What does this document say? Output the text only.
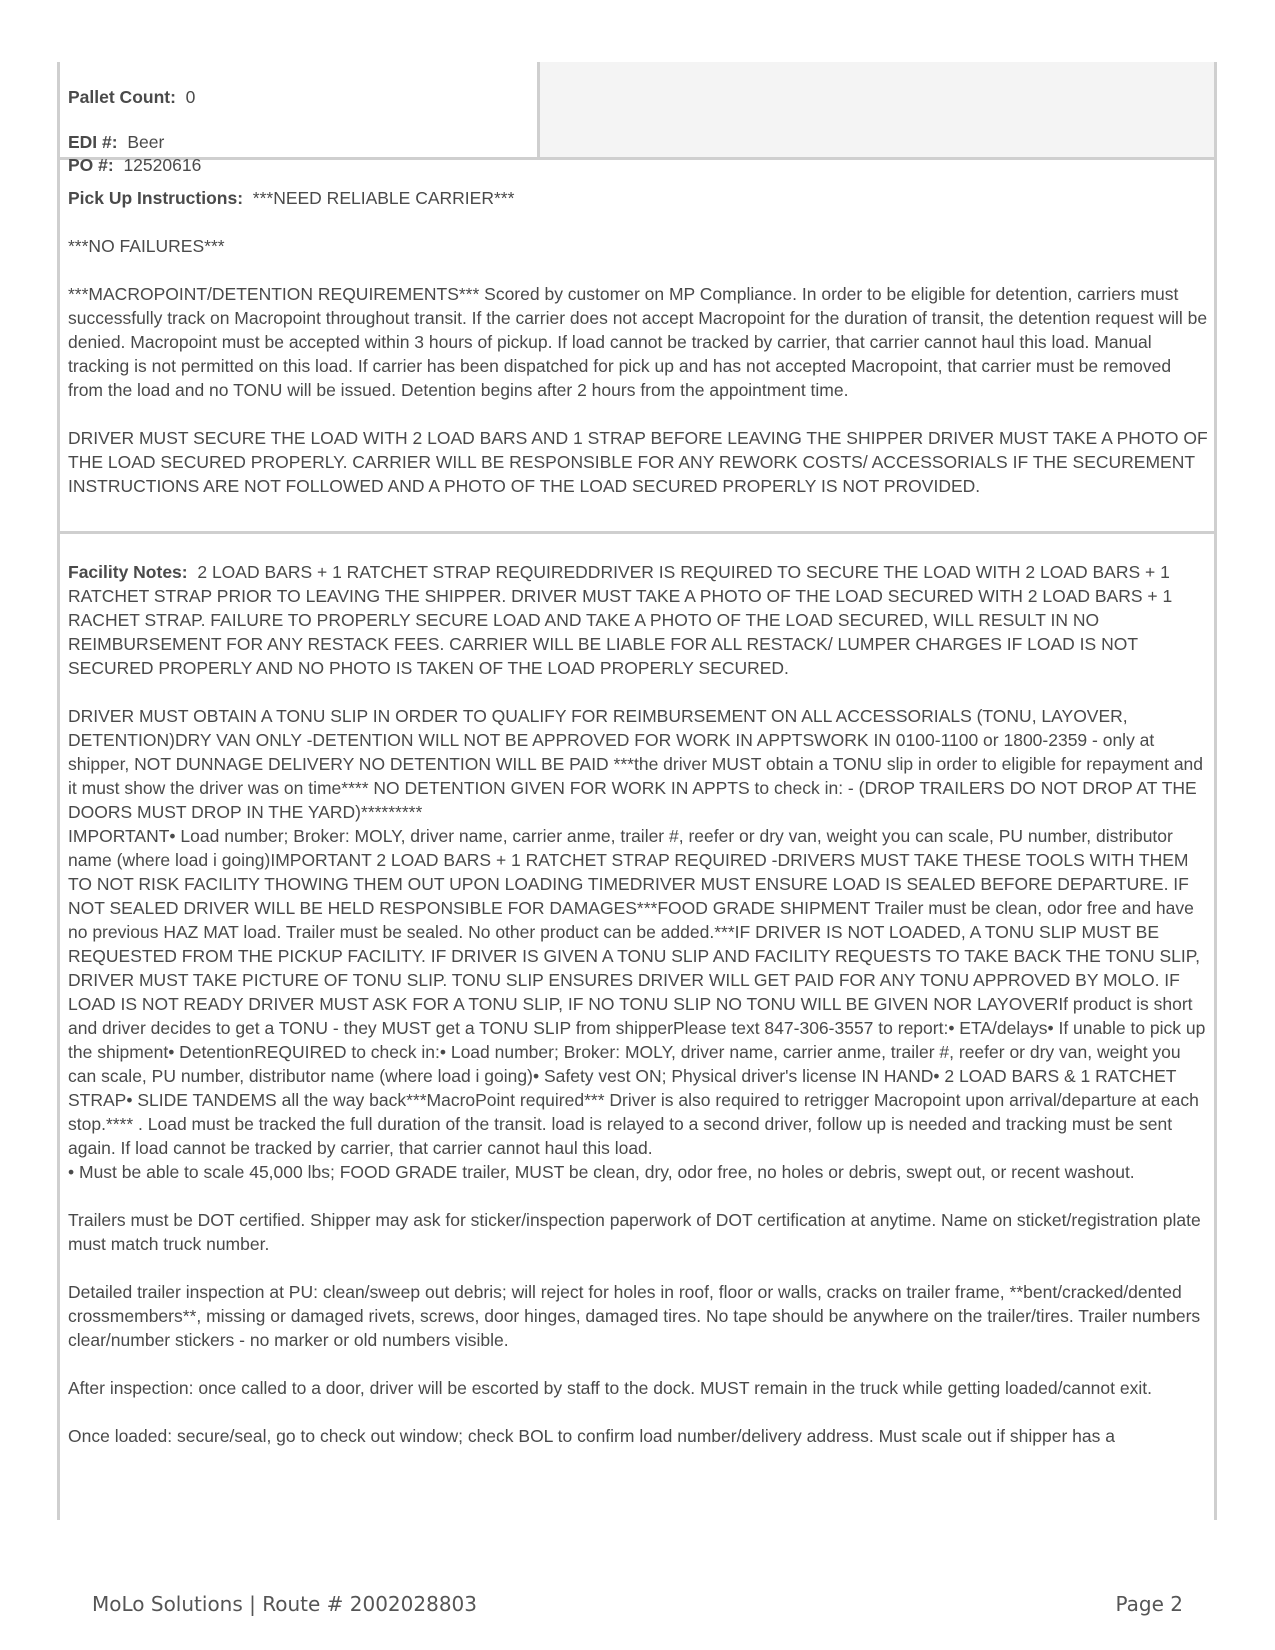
Pallet Count: 0
EDI #: Beer
PO #: 12520616

Pick Up Instructions: ***NEED RELIABLE CARRIER***

***NO FAILURES***

***MACROPOINT/DETENTION REQUIREMENTS*** Scored by customer on MP Compliance. In order to be eligible for detention, carriers must successfully track on Macropoint throughout transit. If the carrier does not accept Macropoint for the duration of transit, the detention request will be denied. Macropoint must be accepted within 3 hours of pickup. If load cannot be tracked by carrier, that carrier cannot haul this load. Manual tracking is not permitted on this load. If carrier has been dispatched for pick up and has not accepted Macropoint, that carrier must be removed from the load and no TONU will be issued. Detention begins after 2 hours from the appointment time.

DRIVER MUST SECURE THE LOAD WITH 2 LOAD BARS AND 1 STRAP BEFORE LEAVING THE SHIPPER DRIVER MUST TAKE A PHOTO OF THE LOAD SECURED PROPERLY. CARRIER WILL BE RESPONSIBLE FOR ANY REWORK COSTS/ ACCESSORIALS IF THE SECUREMENT INSTRUCTIONS ARE NOT FOLLOWED AND A PHOTO OF THE LOAD SECURED PROPERLY IS NOT PROVIDED.

Facility Notes: 2 LOAD BARS + 1 RATCHET STRAP REQUIREDDRIVER IS REQUIRED TO SECURE THE LOAD WITH 2 LOAD BARS + 1 RATCHET STRAP PRIOR TO LEAVING THE SHIPPER. DRIVER MUST TAKE A PHOTO OF THE LOAD SECURED WITH 2 LOAD BARS + 1 RACHET STRAP. FAILURE TO PROPERLY SECURE LOAD AND TAKE A PHOTO OF THE LOAD SECURED, WILL RESULT IN NO REIMBURSEMENT FOR ANY RESTACK FEES. CARRIER WILL BE LIABLE FOR ALL RESTACK/ LUMPER CHARGES IF LOAD IS NOT SECURED PROPERLY AND NO PHOTO IS TAKEN OF THE LOAD PROPERLY SECURED.

DRIVER MUST OBTAIN A TONU SLIP IN ORDER TO QUALIFY FOR REIMBURSEMENT ON ALL ACCESSORIALS (TONU, LAYOVER, DETENTION)DRY VAN ONLY -DETENTION WILL NOT BE APPROVED FOR WORK IN APPTSWORK IN 0100-1100 or 1800-2359 - only at shipper, NOT DUNNAGE DELIVERY NO DETENTION WILL BE PAID ***the driver MUST obtain a TONU slip in order to eligible for repayment and it must show the driver was on time**** NO DETENTION GIVEN FOR WORK IN APPTS to check in: - (DROP TRAILERS DO NOT DROP AT THE DOORS MUST DROP IN THE YARD)*********

IMPORTANT• Load number; Broker: MOLY, driver name, carrier anme, trailer #, reefer or dry van, weight you can scale, PU number, distributor name (where load i going)IMPORTANT 2 LOAD BARS + 1 RATCHET STRAP REQUIRED -DRIVERS MUST TAKE THESE TOOLS WITH THEM TO NOT RISK FACILITY THOWING THEM OUT UPON LOADING TIMEDRIVER MUST ENSURE LOAD IS SEALED BEFORE DEPARTURE. IF NOT SEALED DRIVER WILL BE HELD RESPONSIBLE FOR DAMAGES***FOOD GRADE SHIPMENT Trailer must be clean, odor free and have no previous HAZ MAT load. Trailer must be sealed. No other product can be added.***IF DRIVER IS NOT LOADED, A TONU SLIP MUST BE REQUESTED FROM THE PICKUP FACILITY. IF DRIVER IS GIVEN A TONU SLIP AND FACILITY REQUESTS TO TAKE BACK THE TONU SLIP, DRIVER MUST TAKE PICTURE OF TONU SLIP. TONU SLIP ENSURES DRIVER WILL GET PAID FOR ANY TONU APPROVED BY MOLO. IF LOAD IS NOT READY DRIVER MUST ASK FOR A TONU SLIP, IF NO TONU SLIP NO TONU WILL BE GIVEN NOR LAYOVERIf product is short and driver decides to get a TONU - they MUST get a TONU SLIP from shipperPlease text 847-306-3557 to report:• ETA/delays• If unable to pick up the shipment• DetentionREQUIRED to check in:• Load number; Broker: MOLY, driver name, carrier anme, trailer #, reefer or dry van, weight you can scale, PU number, distributor name (where load i going)• Safety vest ON; Physical driver's license IN HAND• 2 LOAD BARS & 1 RATCHET STRAP• SLIDE TANDEMS all the way back***MacroPoint required*** Driver is also required to retrigger Macropoint upon arrival/departure at each stop.**** . Load must be tracked the full duration of the transit. load is relayed to a second driver, follow up is needed and tracking must be sent again. If load cannot be tracked by carrier, that carrier cannot haul this load.

• Must be able to scale 45,000 lbs; FOOD GRADE trailer, MUST be clean, dry, odor free, no holes or debris, swept out, or recent washout.

Trailers must be DOT certified. Shipper may ask for sticker/inspection paperwork of DOT certification at anytime. Name on sticket/registration plate must match truck number.

Detailed trailer inspection at PU: clean/sweep out debris; will reject for holes in roof, floor or walls, cracks on trailer frame, **bent/cracked/dented crossmembers**, missing or damaged rivets, screws, door hinges, damaged tires. No tape should be anywhere on the trailer/tires. Trailer numbers clear/number stickers - no marker or old numbers visible.

After inspection: once called to a door, driver will be escorted by staff to the dock. MUST remain in the truck while getting loaded/cannot exit.

Once loaded: secure/seal, go to check out window; check BOL to confirm load number/delivery address. Must scale out if shipper has a

MoLo Solutions | Route # 2002028803	Page 2
